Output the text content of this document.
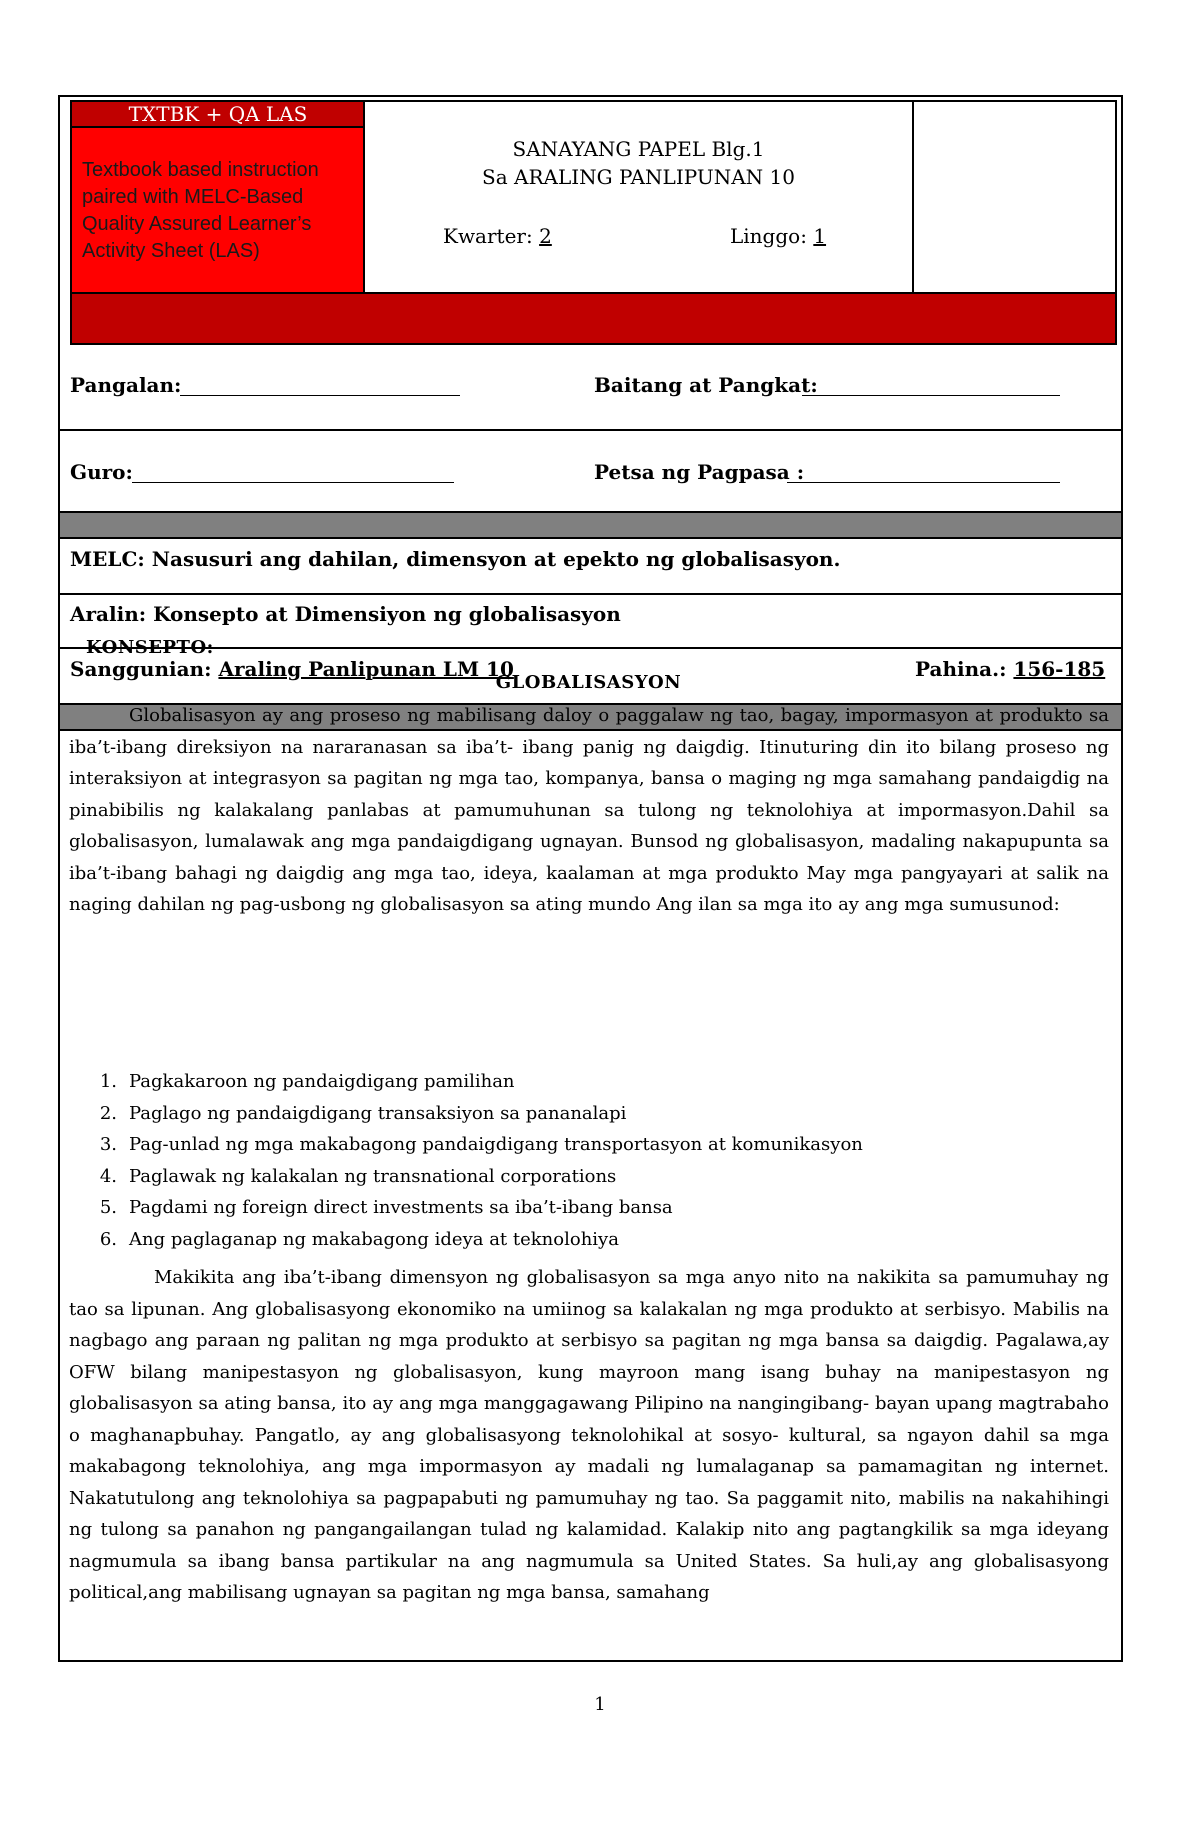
TXTBK + QA LAS
Textbook based instruction paired with MELC-Based Quality Assured Learner’s Activity Sheet (LAS)
SANAYANG PAPEL Blg.1
Sa ARALING PANLIPUNAN 10
Kwarter: 2	Linggo: 1
Pangalan:	Baitang at Pangkat:
Guro:	Petsa ng Pagpasa :
MELC: Nasusuri ang dahilan, dimensyon at epekto ng globalisasyon.
Aralin: Konsepto at Dimensiyon ng globalisasyon
Sanggunian: Araling Panlipunan LM 10	Pahina.: 156-185
KONSEPTO:
GLOBALISASYON

Globalisasyon ay ang proseso ng mabilisang daloy o paggalaw ng tao, bagay, impormasyon at produkto sa iba’t-ibang direksiyon na nararanasan sa iba’t- ibang panig ng daigdig. Itinuturing din ito bilang proseso ng interaksiyon at integrasyon sa pagitan ng mga tao, kompanya, bansa o maging ng mga samahang pandaigdig na pinabibilis ng kalakalang panlabas at pamumuhunan sa tulong ng teknolohiya at impormasyon.Dahil sa globalisasyon, lumalawak ang mga pandaigdigang ugnayan. Bunsod ng globalisasyon, madaling nakapupunta sa iba’t-ibang bahagi ng daigdig ang mga tao, ideya, kaalaman at mga produkto May mga pangyayari at salik na naging dahilan ng pag-usbong ng globalisasyon sa ating mundo Ang ilan sa mga ito ay ang mga sumusunod:

1. Pagkakaroon ng pandaigdigang pamilihan
2. Paglago ng pandaigdigang transaksiyon sa pananalapi
3. Pag-unlad ng mga makabagong pandaigdigang transportasyon at komunikasyon
4. Paglawak ng kalakalan ng transnational corporations
5. Pagdami ng foreign direct investments sa iba’t-ibang bansa
6. Ang paglaganap ng makabagong ideya at teknolohiya

Makikita ang iba’t-ibang dimensyon ng globalisasyon sa mga anyo nito na nakikita sa pamumuhay ng tao sa lipunan. Ang globalisasyong ekonomiko na umiinog sa kalakalan ng mga produkto at serbisyo. Mabilis na nagbago ang paraan ng palitan ng mga produkto at serbisyo sa pagitan ng mga bansa sa daigdig. Pagalawa,ay OFW bilang manipestasyon ng globalisasyon, kung mayroon mang isang buhay na manipestasyon ng globalisasyon sa ating bansa, ito ay ang mga manggagawang Pilipino na nangingibang- bayan upang magtrabaho o maghanapbuhay. Pangatlo, ay ang globalisasyong teknolohikal at sosyo- kultural, sa ngayon dahil sa mga makabagong teknolohiya, ang mga impormasyon ay madali ng lumalaganap sa pamamagitan ng internet. Nakatutulong ang teknolohiya sa pagpapabuti ng pamumuhay ng tao. Sa paggamit nito, mabilis na nakahihingi ng tulong sa panahon ng pangangailangan tulad ng kalamidad. Kalakip nito ang pagtangkilik sa mga ideyang nagmumula sa ibang bansa partikular na ang nagmumula sa United States. Sa huli,ay ang globalisasyong political,ang mabilisang ugnayan sa pagitan ng mga bansa, samahang

1
